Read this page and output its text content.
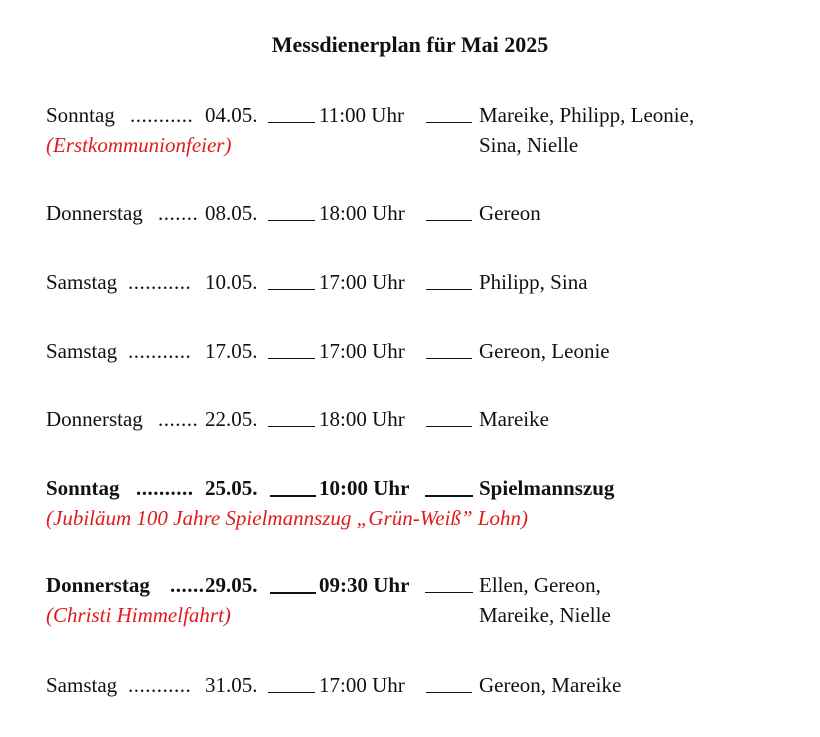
Messdienerplan für Mai 2025
Sonntag ........... 04.05.	11:00 Uhr	Mareike, Philipp, Leonie,
(Erstkommunionfeier)	Sina, Nielle
Donnerstag ....... 08.05.	18:00 Uhr	Gereon
Samstag ........... 10.05.	17:00 Uhr	Philipp, Sina
Samstag ........... 17.05.	17:00 Uhr	Gereon, Leonie
Donnerstag ....... 22.05.	18:00 Uhr	Mareike
Sonntag .......... 25.05.	10:00 Uhr	Spielmannszug
(Jubiläum 100 Jahre Spielmannszug „Grün-Weiß” Lohn)
Donnerstag ...... 29.05.	09:30 Uhr	Ellen, Gereon,
(Christi Himmelfahrt)	Mareike, Nielle
Samstag ........... 31.05.	17:00 Uhr	Gereon, Mareike
